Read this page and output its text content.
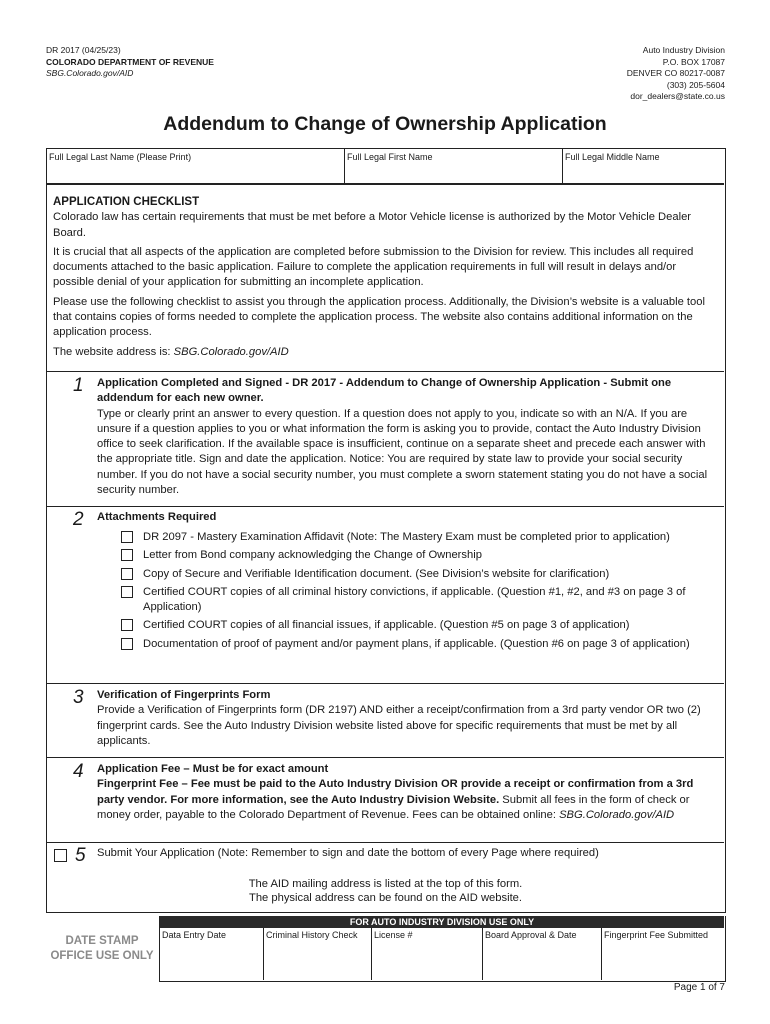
DR 2017 (04/25/23)
COLORADO DEPARTMENT OF REVENUE
SBG.Colorado.gov/AID
Auto Industry Division
P.O. BOX 17087
DENVER CO 80217-0087
(303) 205-5604
dor_dealers@state.co.us
Addendum to Change of Ownership Application
Full Legal Last Name (Please Print)	Full Legal First Name	Full Legal Middle Name
APPLICATION CHECKLIST

Colorado law has certain requirements that must be met before a Motor Vehicle license is authorized by the Motor Vehicle Dealer Board.

It is crucial that all aspects of the application are completed before submission to the Division for review. This includes all required documents attached to the basic application. Failure to complete the application requirements in full will result in delays and/or possible denial of your application for submitting an incomplete application.

Please use the following checklist to assist you through the application process. Additionally, the Division’s website is a valuable tool that contains copies of forms needed to complete the application process. The website also contains additional information on the application process.

The website address is: SBG.Colorado.gov/AID

1 Application Completed and Signed - DR 2017 - Addendum to Change of Ownership Application - Submit one addendum for each new owner.
Type or clearly print an answer to every question. If a question does not apply to you, indicate so with an N/A. If you are unsure if a question applies to you or what information the form is asking you to provide, contact the Auto Industry Division office to seek clarification. If the available space is insufficient, continue on a separate sheet and precede each answer with the appropriate title. Sign and date the application. Notice: You are required by state law to provide your social security number. If you do not have a social security number, you must complete a sworn statement stating you do not have a social security number.
2 Attachments Required
DR 2097 - Mastery Examination Affidavit (Note: The Mastery Exam must be completed prior to application)
Letter from Bond company acknowledging the Change of Ownership
Copy of Secure and Verifiable Identification document. (See Division’s website for clarification)
Certified COURT copies of all criminal history convictions, if applicable. (Question #1, #2, and #3 on page 3 of Application)
Certified COURT copies of all financial issues, if applicable. (Question #5 on page 3 of application)
Documentation of proof of payment and/or payment plans, if applicable. (Question #6 on page 3 of application)
3 Verification of Fingerprints Form
Provide a Verification of Fingerprints form (DR 2197) AND either a receipt/confirmation from a 3rd party vendor OR two (2) fingerprint cards. See the Auto Industry Division website listed above for specific requirements that must be met by all applicants.
4 Application Fee – Must be for exact amount
Fingerprint Fee – Fee must be paid to the Auto Industry Division OR provide a receipt or confirmation from a 3rd party vendor. For more information, see the Auto Industry Division Website. Submit all fees in the form of check or money order, payable to the Colorado Department of Revenue. Fees can be obtained online: SBG.Colorado.gov/AID
5 Submit Your Application (Note: Remember to sign and date the bottom of every Page where required)
The AID mailing address is listed at the top of this form.
The physical address can be found on the AID website.
DATE STAMP
OFFICE USE ONLY
FOR AUTO INDUSTRY DIVISION USE ONLY
Data Entry Date	Criminal History Check	License #	Board Approval & Date	Fingerprint Fee Submitted
Page 1 of 7
